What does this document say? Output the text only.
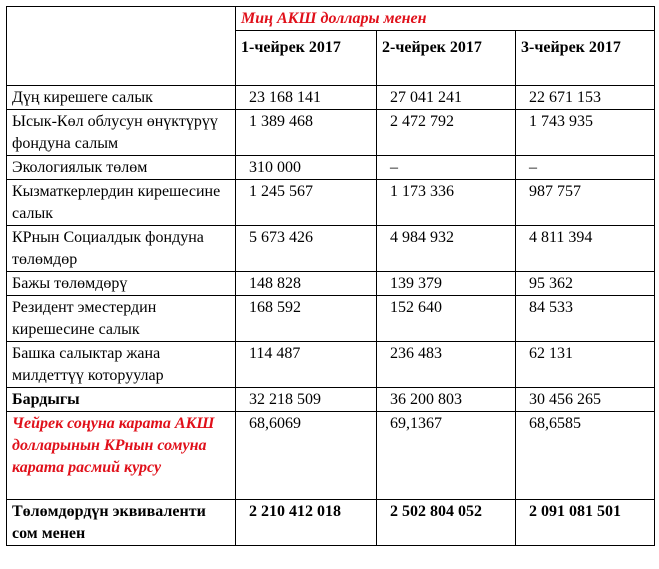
	Миң АКШ доллары менен		
	1-чейрек 2017	2-чейрек 2017	3-чейрек 2017
Дүң кирешеге салык	23 168 141	27 041 241	22 671 153
Ысык-Көл облусун өнүктүрүү фондуна салым	1 389 468	2 472 792	1 743 935
Экологиялык төлөм	310 000	–	–
Кызматкерлердин кирешесине салык	1 245 567	1 173 336	987 757
КРнын Социалдык фондуна төлөмдөр	5 673 426	4 984 932	4 811 394
Бажы төлөмдөрү	148 828	139 379	95 362
Резидент эместердин кирешесине салык	168 592	152 640	84 533
Башка салыктар жана милдеттүү которуулар	114 487	236 483	62 131
Бардыгы	32 218 509	36 200 803	30 456 265
Чейрек соңуна карата АКШ долларынын КРнын сомуна карата расмий курсу	68,6069	69,1367	68,6585
Төлөмдөрдүн эквиваленти сом менен	2 210 412 018	2 502 804 052	2 091 081 501
